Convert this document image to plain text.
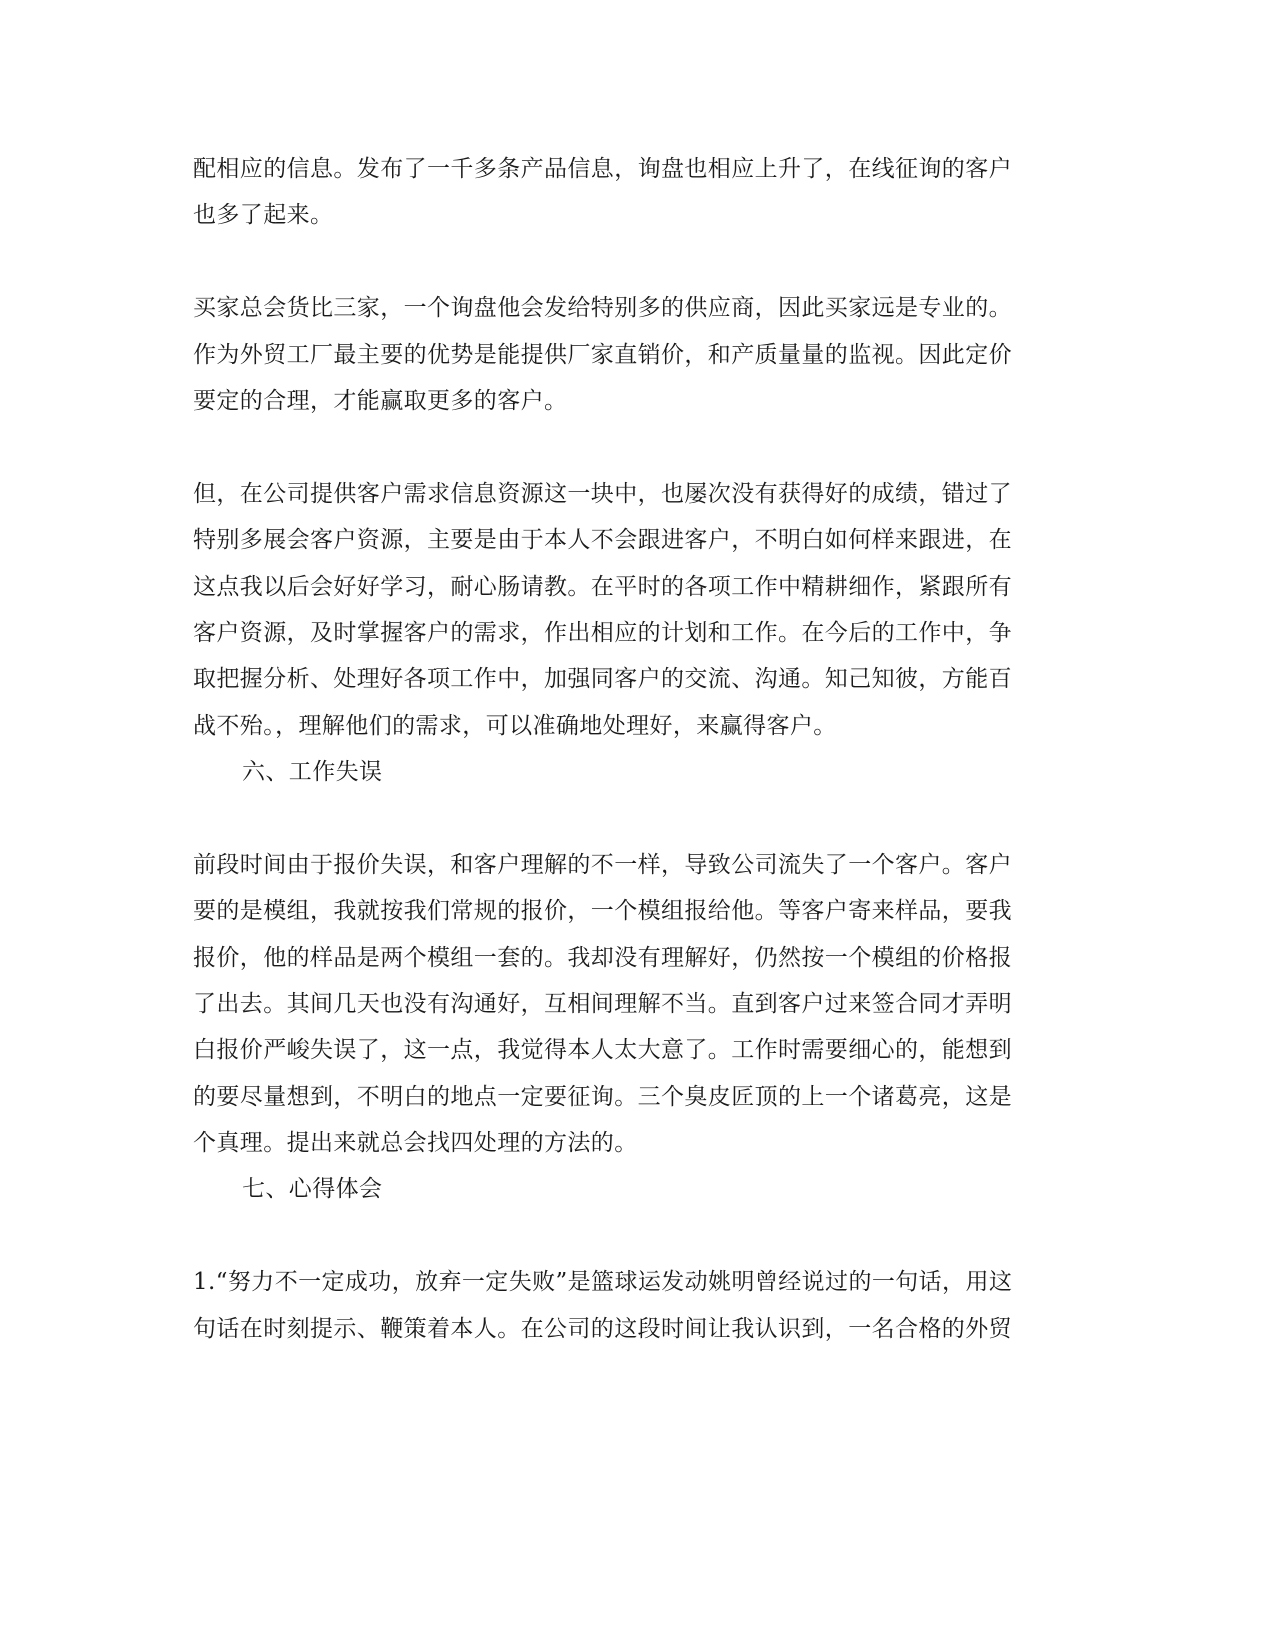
配相应的信息。发布了一千多条产品信息，询盘也相应上升了，在线征询的客户
也多了起来。
买家总会货比三家，一个询盘他会发给特别多的供应商，因此买家远是专业的。
作为外贸工厂最主要的优势是能提供厂家直销价，和产质量量的监视。因此定价
要定的合理，才能赢取更多的客户。
但，在公司提供客户需求信息资源这一块中，也屡次没有获得好的成绩，错过了
特别多展会客户资源，主要是由于本人不会跟进客户，不明白如何样来跟进，在
这点我以后会好好学习，耐心肠请教。在平时的各项工作中精耕细作，紧跟所有
客户资源，及时掌握客户的需求，作出相应的计划和工作。在今后的工作中，争
取把握分析、处理好各项工作中，加强同客户的交流、沟通。知己知彼，方能百
战不殆。，理解他们的需求，可以准确地处理好，来赢得客户。
六、工作失误
前段时间由于报价失误，和客户理解的不一样，导致公司流失了一个客户。客户
要的是模组，我就按我们常规的报价，一个模组报给他。等客户寄来样品，要我
报价，他的样品是两个模组一套的。我却没有理解好，仍然按一个模组的价格报
了出去。其间几天也没有沟通好，互相间理解不当。直到客户过来签合同才弄明
白报价严峻失误了，这一点，我觉得本人太大意了。工作时需要细心的，能想到
的要尽量想到，不明白的地点一定要征询。三个臭皮匠顶的上一个诸葛亮，这是
个真理。提出来就总会找四处理的方法的。
七、心得体会
1.“努力不一定成功，放弃一定失败”是篮球运发动姚明曾经说过的一句话，用这
句话在时刻提示、鞭策着本人。在公司的这段时间让我认识到，一名合格的外贸
